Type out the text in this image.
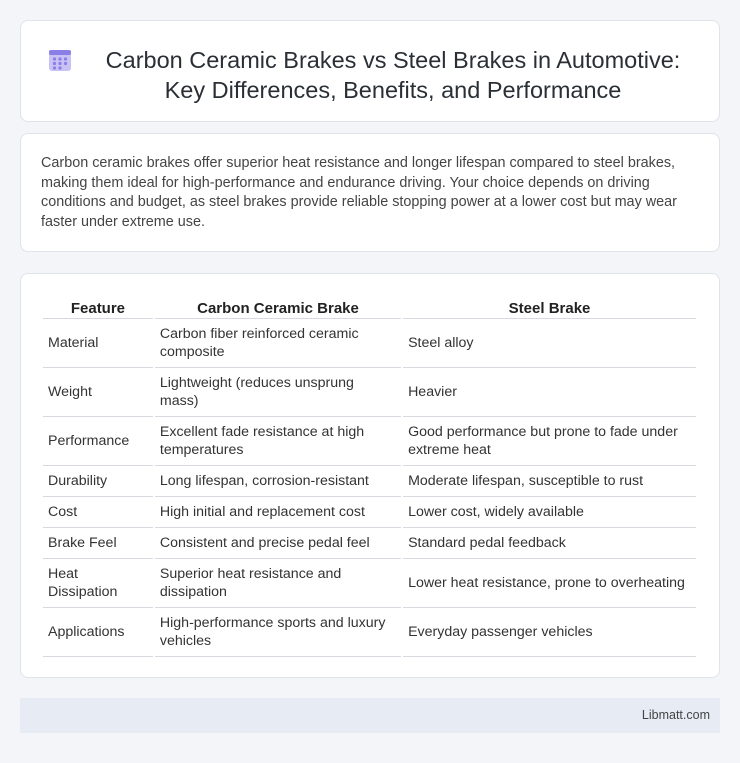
Carbon Ceramic Brakes vs Steel Brakes in Automotive: Key Differences, Benefits, and Performance

Carbon ceramic brakes offer superior heat resistance and longer lifespan compared to steel brakes, making them ideal for high-performance and endurance driving. Your choice depends on driving conditions and budget, as steel brakes provide reliable stopping power at a lower cost but may wear faster under extreme use.

Feature	Carbon Ceramic Brake	Steel Brake
Material	Carbon fiber reinforced ceramic composite	Steel alloy
Weight	Lightweight (reduces unsprung mass)	Heavier
Performance	Excellent fade resistance at high temperatures	Good performance but prone to fade under extreme heat
Durability	Long lifespan, corrosion-resistant	Moderate lifespan, susceptible to rust
Cost	High initial and replacement cost	Lower cost, widely available
Brake Feel	Consistent and precise pedal feel	Standard pedal feedback
Heat Dissipation	Superior heat resistance and dissipation	Lower heat resistance, prone to overheating
Applications	High-performance sports and luxury vehicles	Everyday passenger vehicles
Libmatt.com
